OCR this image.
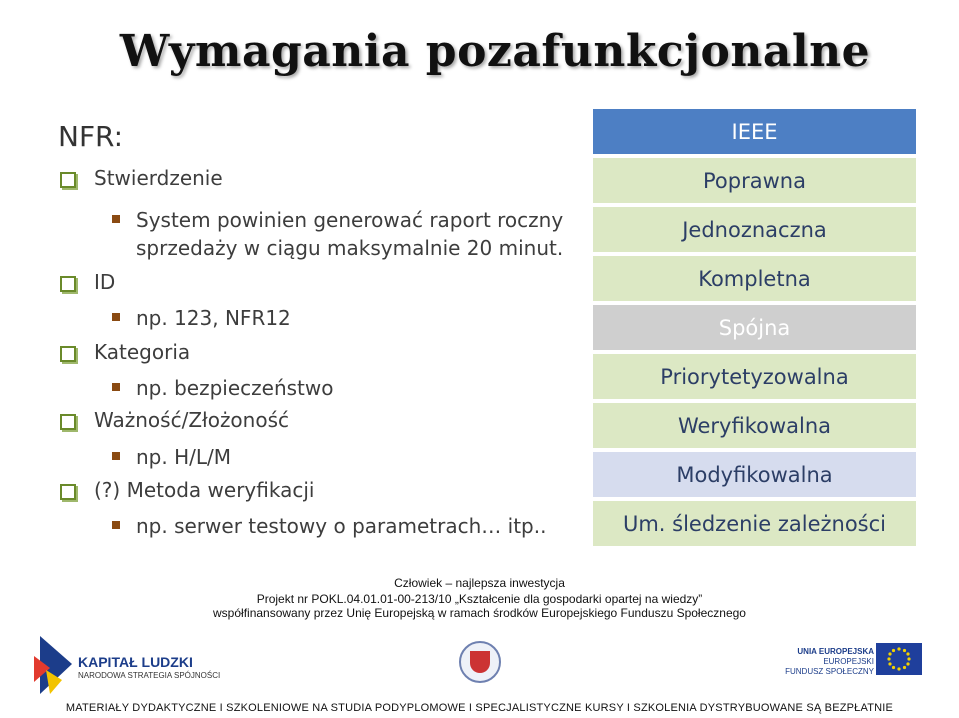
Wymagania pozafunkcjonalne
NFR:
Stwierdzenie
System powinien generować raport roczny
sprzedaży w ciągu maksymalnie 20 minut.
ID
np. 123, NFR12
Kategoria
np. bezpieczeństwo
Ważność/Złożoność
np. H/L/M
(?) Metoda weryfikacji
np. serwer testowy o parametrach… itp..
IEEE
Poprawna
Jednoznaczna
Kompletna
Spójna
Priorytetyzowalna
Weryfikowalna
Modyfikowalna
Um. śledzenie zależności
Człowiek – najlepsza inwestycja
Projekt nr POKL.04.01.01-00-213/10 „Kształcenie dla gospodarki opartej na wiedzy”
współfinansowany przez Unię Europejską w ramach środków Europejskiego Funduszu Społecznego
KAPITAŁ LUDZKI
NARODOWA STRATEGIA SPÓJNOŚCI
UNIA EUROPEJSKA
EUROPEJSKI
FUNDUSZ SPOŁECZNY
MATERIAŁY DYDAKTYCZNE I SZKOLENIOWE NA STUDIA PODYPLOMOWE I SPECJALISTYCZNE KURSY I SZKOLENIA DYSTRYBUOWANE SĄ BEZPŁATNIE
